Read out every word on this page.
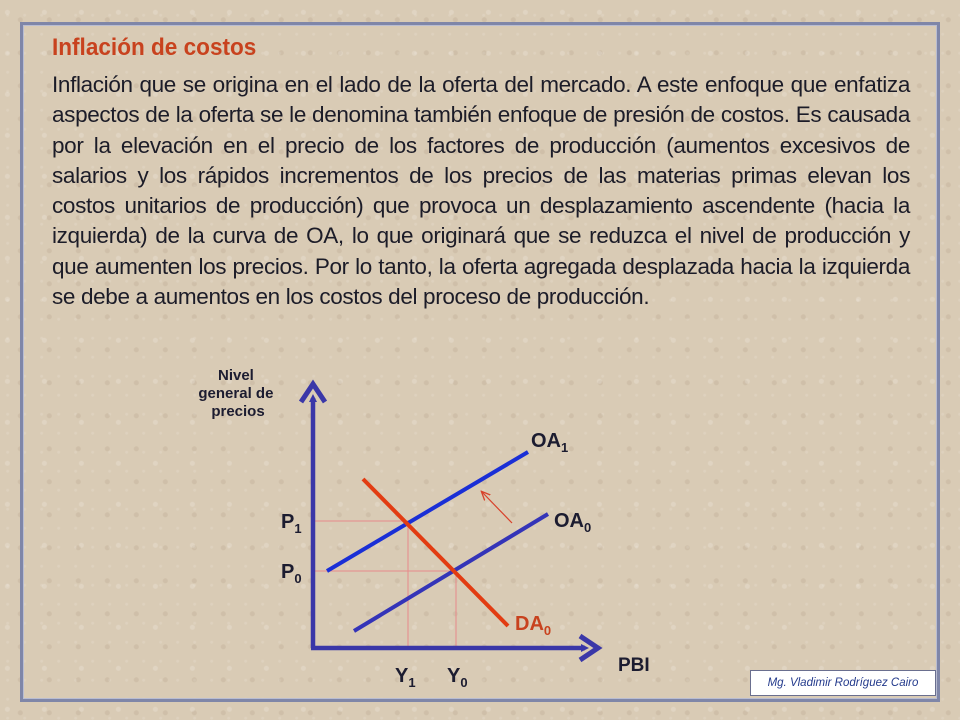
Inflación de costos
Inflación que se origina en el lado de la oferta del mercado. A este enfoque que enfatiza aspectos de la oferta se le denomina también enfoque de presión de costos. Es causada por la elevación en el precio de los factores de producción (aumentos excesivos de salarios y los rápidos incrementos de los precios de las materias primas elevan los costos unitarios de producción) que provoca un desplazamiento ascendente (hacia la izquierda) de la curva de OA, lo que originará que se reduzca el nivel de producción y que aumenten los precios. Por lo tanto, la oferta agregada desplazada hacia la izquierda se debe a aumentos en los costos del proceso de producción.
Nivel general de precios
PBI
$OA_1$
$OA_0$
$DA_0$
$P_1$
$P_0$
$Y_1$ $Y_0$	Mg. Vladimir Rodríguez Cairo
